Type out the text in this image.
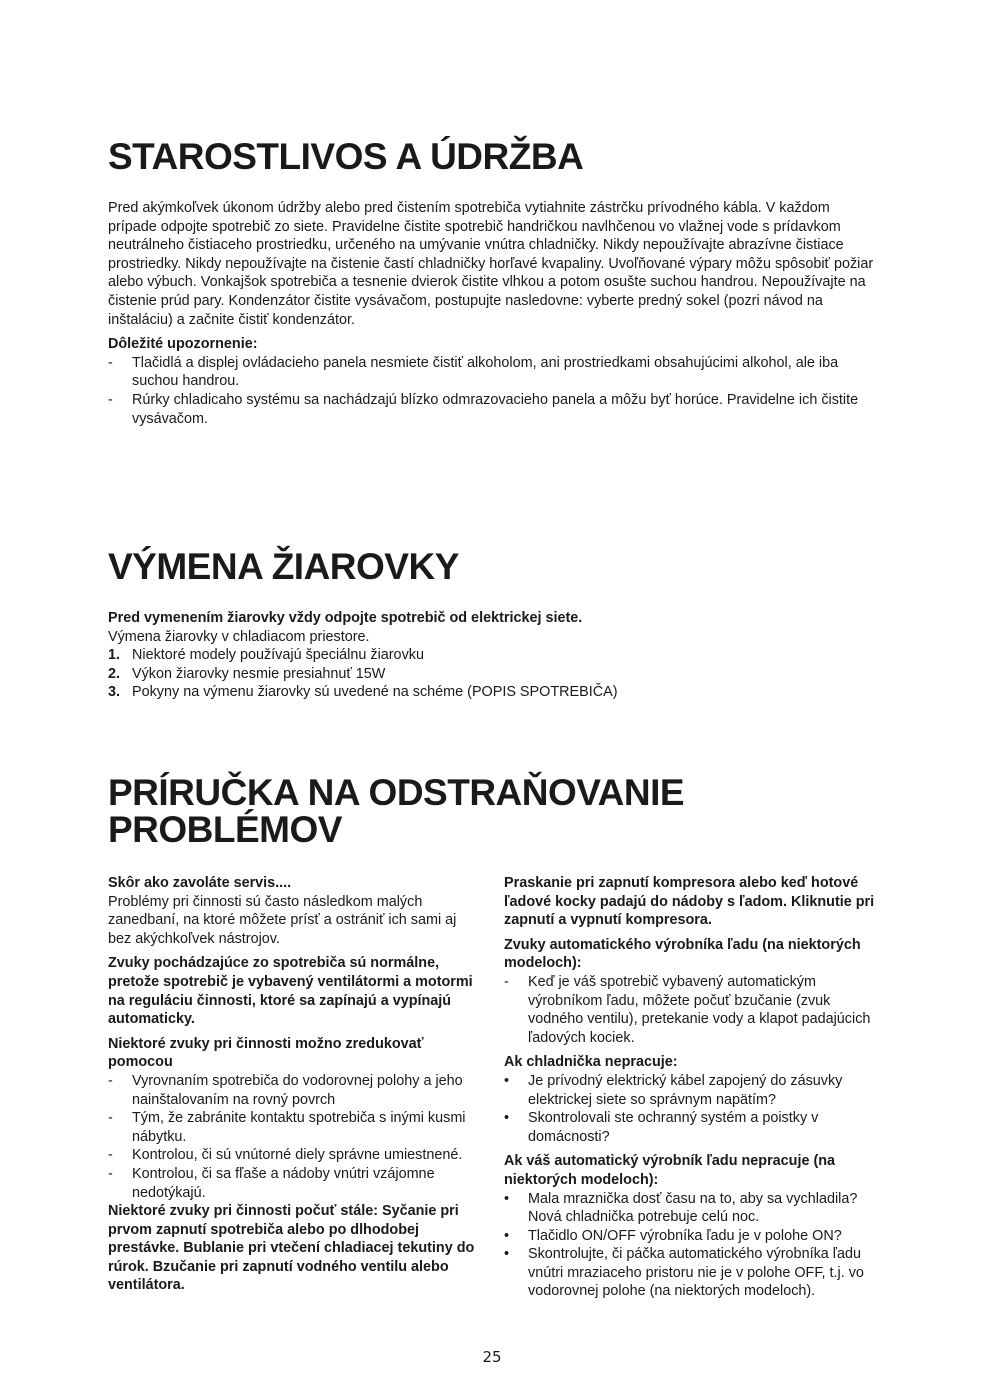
STAROSTLIVOS A ÚDRŽBA

Pred akýmkoľvek úkonom údržby alebo pred čistením spotrebiča vytiahnite zástrčku prívodného kábla. V každom prípade odpojte spotrebič zo siete. Pravidelne čistite spotrebič handričkou navlhčenou vo vlažnej vode s prídavkom neutrálneho čistiaceho prostriedku, určeného na umývanie vnútra chladničky. Nikdy nepoužívajte abrazívne čistiace prostriedky. Nikdy nepoužívajte na čistenie častí chladničky horľavé kvapaliny. Uvoľňované výpary môžu spôsobiť požiar alebo výbuch. Vonkajšok spotrebiča a tesnenie dvierok čistite vlhkou a potom osušte suchou handrou. Nepoužívajte na čistenie prúd pary. Kondenzátor čistite vysávačom, postupujte nasledovne: vyberte predný sokel (pozri návod na inštaláciu) a začnite čistiť kondenzátor.

Dôležité upozornenie:

- Tlačidlá a displej ovládacieho panela nesmiete čistiť alkoholom, ani prostriedkami obsahujúcimi alkohol, ale iba suchou handrou.
- Rúrky chladicaho systému sa nachádzajú blízko odmrazovacieho panela a môžu byť horúce. Pravidelne ich čistite vysávačom.
VÝMENA ŽIAROVKY

Pred vymenením žiarovky vždy odpojte spotrebič od elektrickej siete.

Výmena žiarovky v chladiacom priestore.

1. Niektoré modely používajú špeciálnu žiarovku
2. Výkon žiarovky nesmie presiahnuť 15W
3. Pokyny na výmenu žiarovky sú uvedené na schéme (POPIS SPOTREBIČA)
PRÍRUČKA NA ODSTRAŇOVANIE
PROBLÉMOV

Skôr ako zavoláte servis....

Problémy pri činnosti sú často následkom malých zanedbaní, na ktoré môžete prísť a ostrániť ich sami aj bez akýchkoľvek nástrojov.

Zvuky pochádzajúce zo spotrebiča sú normálne, pretože spotrebič je vybavený ventilátormi a motormi na reguláciu činnosti, ktoré sa zapínajú a vypínajú automaticky.

Niektoré zvuky pri činnosti možno zredukovať pomocou

- Vyrovnaním spotrebiča do vodorovnej polohy a jeho nainštalovaním na rovný povrch
- Tým, že zabránite kontaktu spotrebiča s inými kusmi nábytku.
- Kontrolou, či sú vnútorné diely správne umiestnené.
- Kontrolou, či sa fľaše a nádoby vnútri vzájomne nedotýkajú.

Niektoré zvuky pri činnosti počuť stále: Syčanie pri prvom zapnutí spotrebiča alebo po dlhodobej prestávke. Bublanie pri vtečení chladiacej tekutiny do rúrok. Bzučanie pri zapnutí vodného ventilu alebo ventilátora.

Praskanie pri zapnutí kompresora alebo keď hotové ľadové kocky padajú do nádoby s ľadom. Kliknutie pri zapnutí a vypnutí kompresora.

Zvuky automatického výrobníka ľadu (na niektorých modeloch):

- Keď je váš spotrebič vybavený automatickým výrobníkom ľadu, môžete počuť bzučanie (zvuk vodného ventilu), pretekanie vody a klapot padajúcich ľadových kociek.

Ak chladnička nepracuje:

• Je prívodný elektrický kábel zapojený do zásuvky elektrickej siete so správnym napätím?
• Skontrolovali ste ochranný systém a poistky v domácnosti?

Ak váš automatický výrobník ľadu nepracuje (na niektorých modeloch):

• Mala mraznička dosť času na to, aby sa vychladila? Nová chladnička potrebuje celú noc.
• Tlačidlo ON/OFF výrobníka ľadu je v polohe ON?
• Skontrolujte, či páčka automatického výrobníka ľadu vnútri mraziaceho pristoru nie je v polohe OFF, t.j. vo vodorovnej polohe (na niektorých modeloch).
25
